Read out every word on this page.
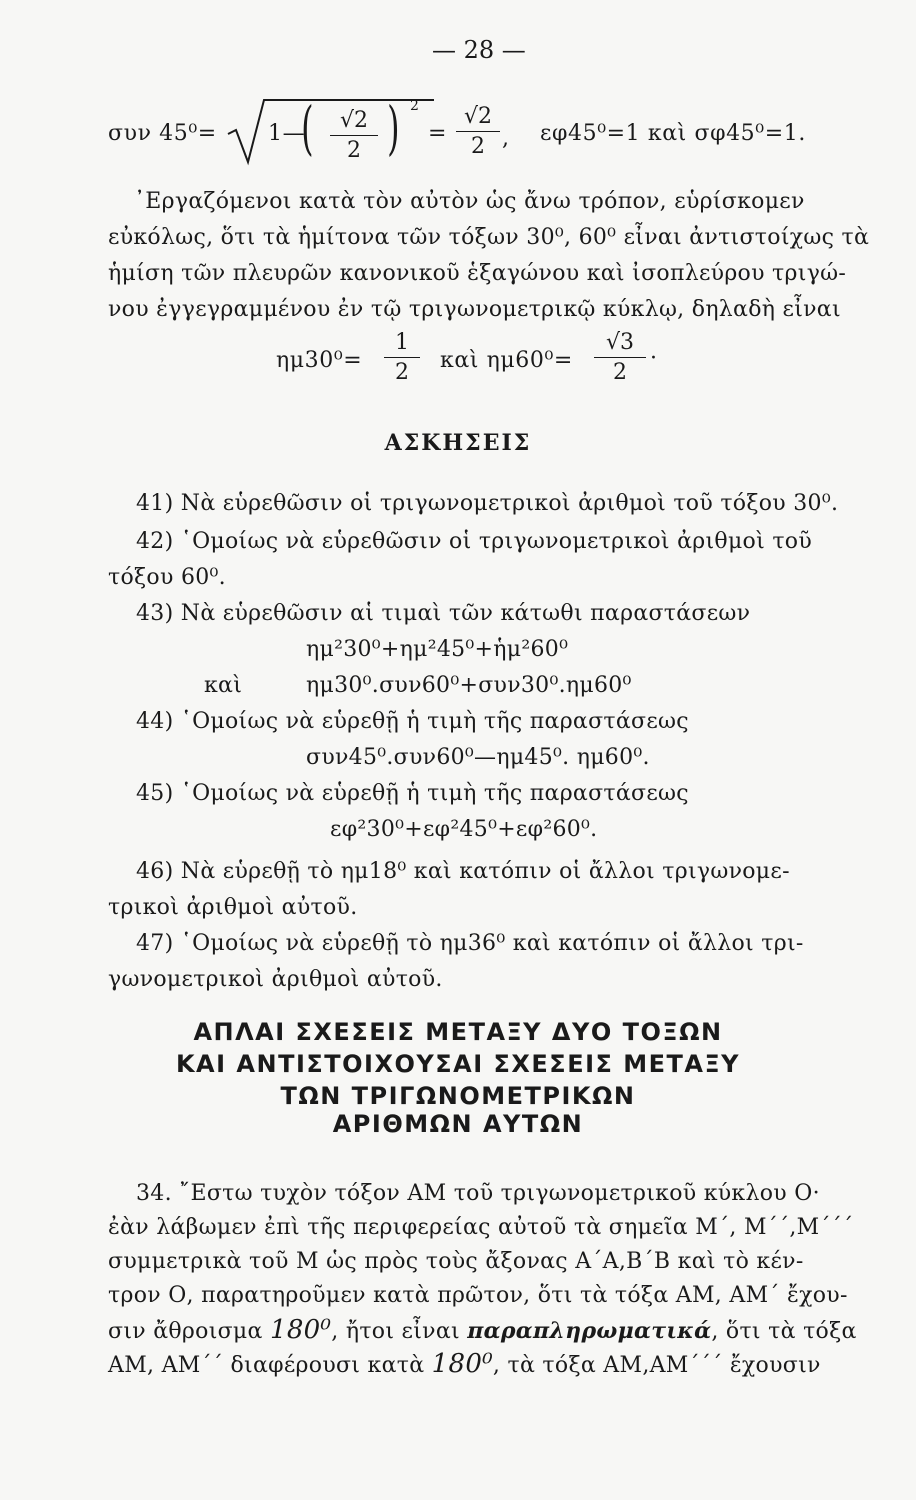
— 28 —
συν 45⁰= 1—
(	√2
2 ) 2
=
√2
2 , εφ45⁰=1 καὶ σφ45⁰=1.
᾿Εργαζόμενοι κατὰ τὸν αὐτὸν ὡς ἄνω τρόπον, εὑρίσκομεν
εὐκόλως, ὅτι τὰ ἡμίτονα τῶν τόξων 30⁰, 60⁰ εἶναι ἀντιστοίχως τὰ
ἡμίση τῶν πλευρῶν κανονικοῦ ἑξαγώνου καὶ ἰσοπλεύρου τριγώ-
νου ἐγγεγραμμένου ἐν τῷ τριγωνομετρικῷ κύκλῳ, δηλαδὴ εἶναι
ημ30⁰=
1
2	καὶ ημ60⁰=
√3
2
·
ΑΣΚΗΣΕΙΣ
41) Νὰ εὑρεθῶσιν οἱ τριγωνομετρικοὶ ἀριθμοὶ τοῦ τόξου 30⁰.
42) ῾Ομοίως νὰ εὑρεθῶσιν οἱ τριγωνομετρικοὶ ἀριθμοὶ τοῦ
τόξου 60⁰.
43) Νὰ εὑρεθῶσιν αἱ τιμαὶ τῶν κάτωθι παραστάσεων
ημ²30⁰+ημ²45⁰+ἡμ²60⁰
καὶ	ημ30⁰.συν60⁰+συν30⁰.ημ60⁰
44) ῾Ομοίως νὰ εὑρεθῇ ἡ τιμὴ τῆς παραστάσεως
συν45⁰.συν60⁰—ημ45⁰. ημ60⁰.
45) ῾Ομοίως νὰ εὑρεθῇ ἡ τιμὴ τῆς παραστάσεως
εφ²30⁰+εφ²45⁰+εφ²60⁰.
46) Νὰ εὑρεθῇ τὸ ημ18⁰ καὶ κατόπιν οἱ ἄλλοι τριγωνομε-
τρικοὶ ἀριθμοὶ αὐτοῦ.
47) ῾Ομοίως νὰ εὑρεθῇ τὸ ημ36⁰ καὶ κατόπιν οἱ ἄλλοι τρι-
γωνομετρικοὶ ἀριθμοὶ αὐτοῦ.
ΑΠΛΑΙ ΣΧΕΣΕΙΣ ΜΕΤΑΞΥ ΔΥΟ ΤΟΞΩΝ
ΚΑΙ ΑΝΤΙΣΤΟΙΧΟΥΣΑΙ ΣΧΕΣΕΙΣ ΜΕΤΑΞΥ
ΤΩΝ ΤΡΙΓΩΝΟΜΕΤΡΙΚΩΝ
ΑΡΙΘΜΩΝ ΑΥΤΩΝ
34. ῎Εστω τυχὸν τόξον ΑΜ τοῦ τριγωνομετρικοῦ κύκλου Ο·
ἐὰν λάβωμεν ἐπὶ τῆς περιφερείας αὐτοῦ τὰ σημεῖα Μ΄, Μ΄΄,Μ΄΄΄
συμμετρικὰ τοῦ Μ ὡς πρὸς τοὺς ἄξονας Α΄Α,Β΄Β καὶ τὸ κέν-
τρον Ο, παρατηροῦμεν κατὰ πρῶτον, ὅτι τὰ τόξα ΑΜ, ΑΜ΄ ἔχου-
σιν ἄθροισμα 180⁰, ἤτοι εἶναι παραπληρωματικά, ὅτι τὰ τόξα
ΑΜ, ΑΜ΄΄ διαφέρουσι κατὰ 180⁰, τὰ τόξα ΑΜ,ΑΜ΄΄΄ ἔχουσιν
